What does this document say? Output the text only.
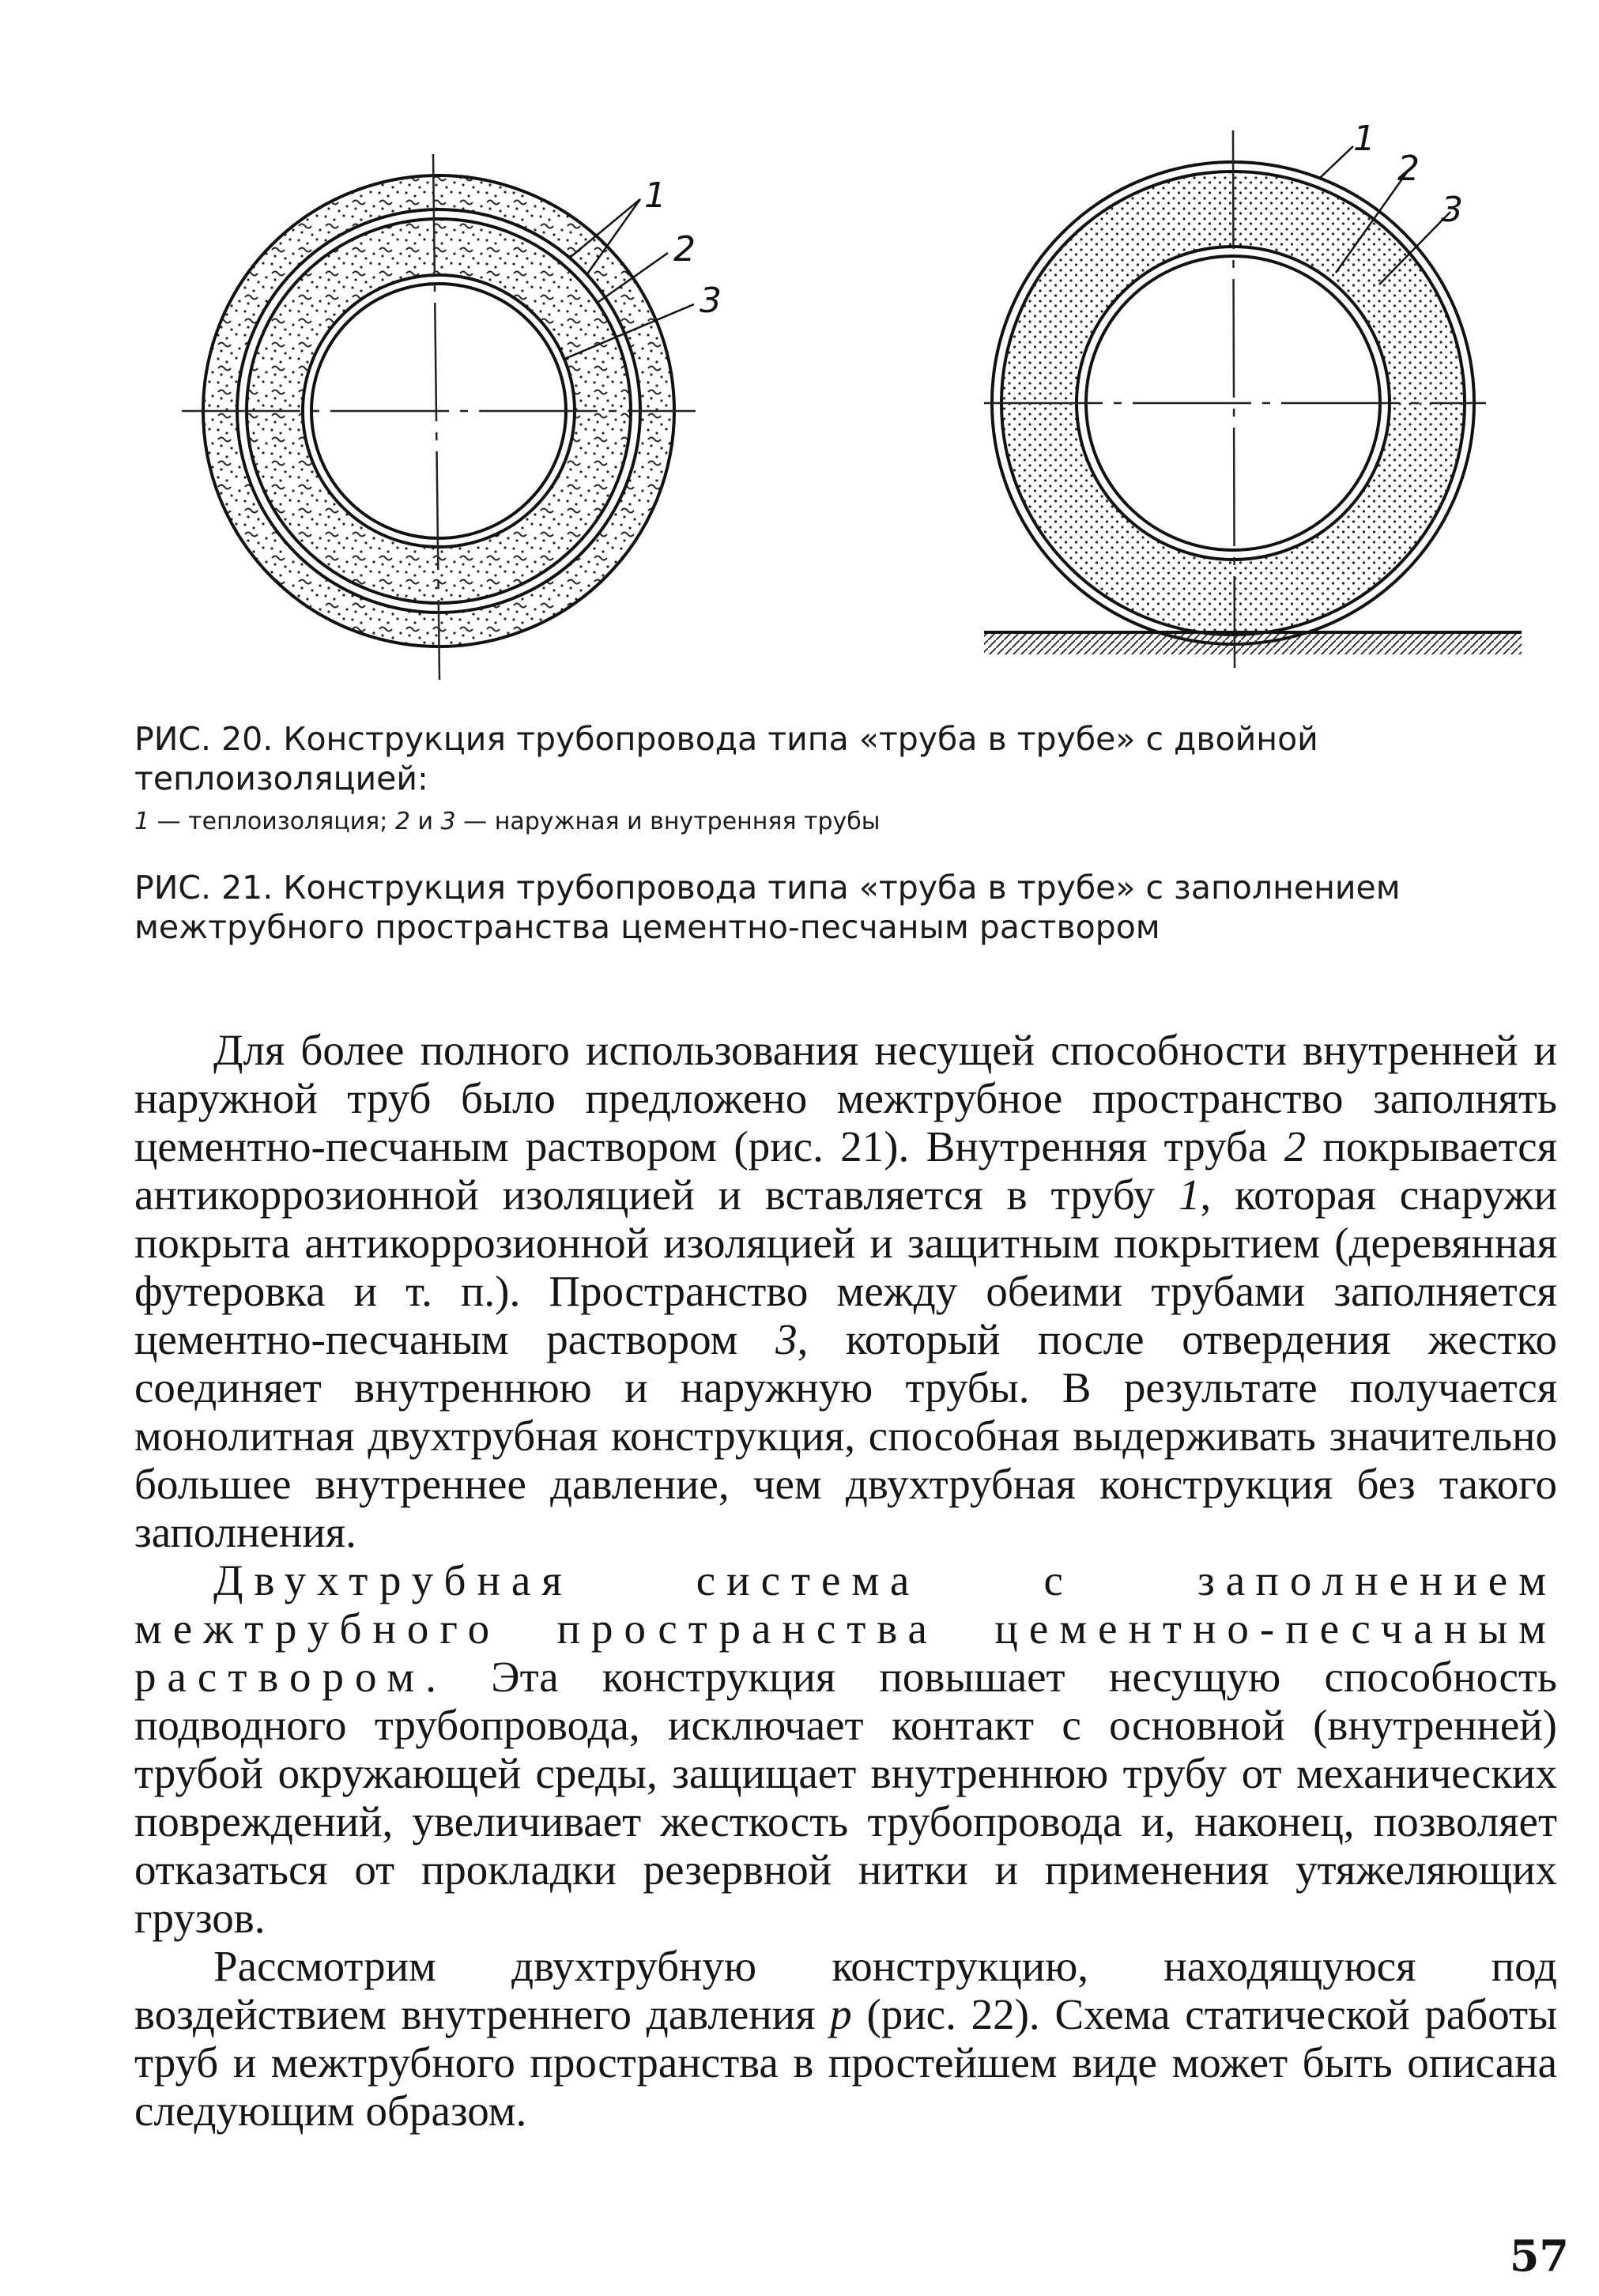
1
2
3
1
2
3
РИС. 20. Конструкция трубопровода типа «труба в трубе» с двойной теплоизоляцией:
1 — теплоизоляция; 2 и 3 — наружная и внутренняя трубы
РИС. 21. Конструкция трубопровода типа «труба в трубе» с заполнением межтрубного пространства цементно-песчаным раствором

Для более полного использования несущей способности внутренней и наружной труб было предложено межтрубное пространство заполнять цементно-песчаным раствором (рис. 21). Внутренняя труба 2 покрывается антикоррозионной изоляцией и вставляется в трубу 1, которая снаружи покрыта антикоррозионной изоляцией и защитным покрытием (деревянная футеровка и т. п.). Пространство между обеими трубами заполняется цементно-песчаным раствором 3, который после отвердения жестко соединяет внутреннюю и наружную трубы. В результате получается монолитная двухтрубная конструкция, способная выдерживать значительно большее внутреннее давление, чем двухтрубная конструкция без такого заполнения.

Двухтрубная система с заполнением межтрубного пространства цементно-песчаным раствором. Эта конструкция повышает несущую способность подводного трубопровода, исключает контакт с основной (внутренней) трубой окружающей среды, защищает внутреннюю трубу от механических повреждений, увеличивает жесткость трубопровода и, наконец, позволяет отказаться от прокладки резервной нитки и применения утяжеляющих грузов.

Рассмотрим двухтрубную конструкцию, находящуюся под воздействием внутреннего давления p (рис. 22). Схема статической работы труб и межтрубного пространства в простейшем виде может быть описана следующим образом.

57
